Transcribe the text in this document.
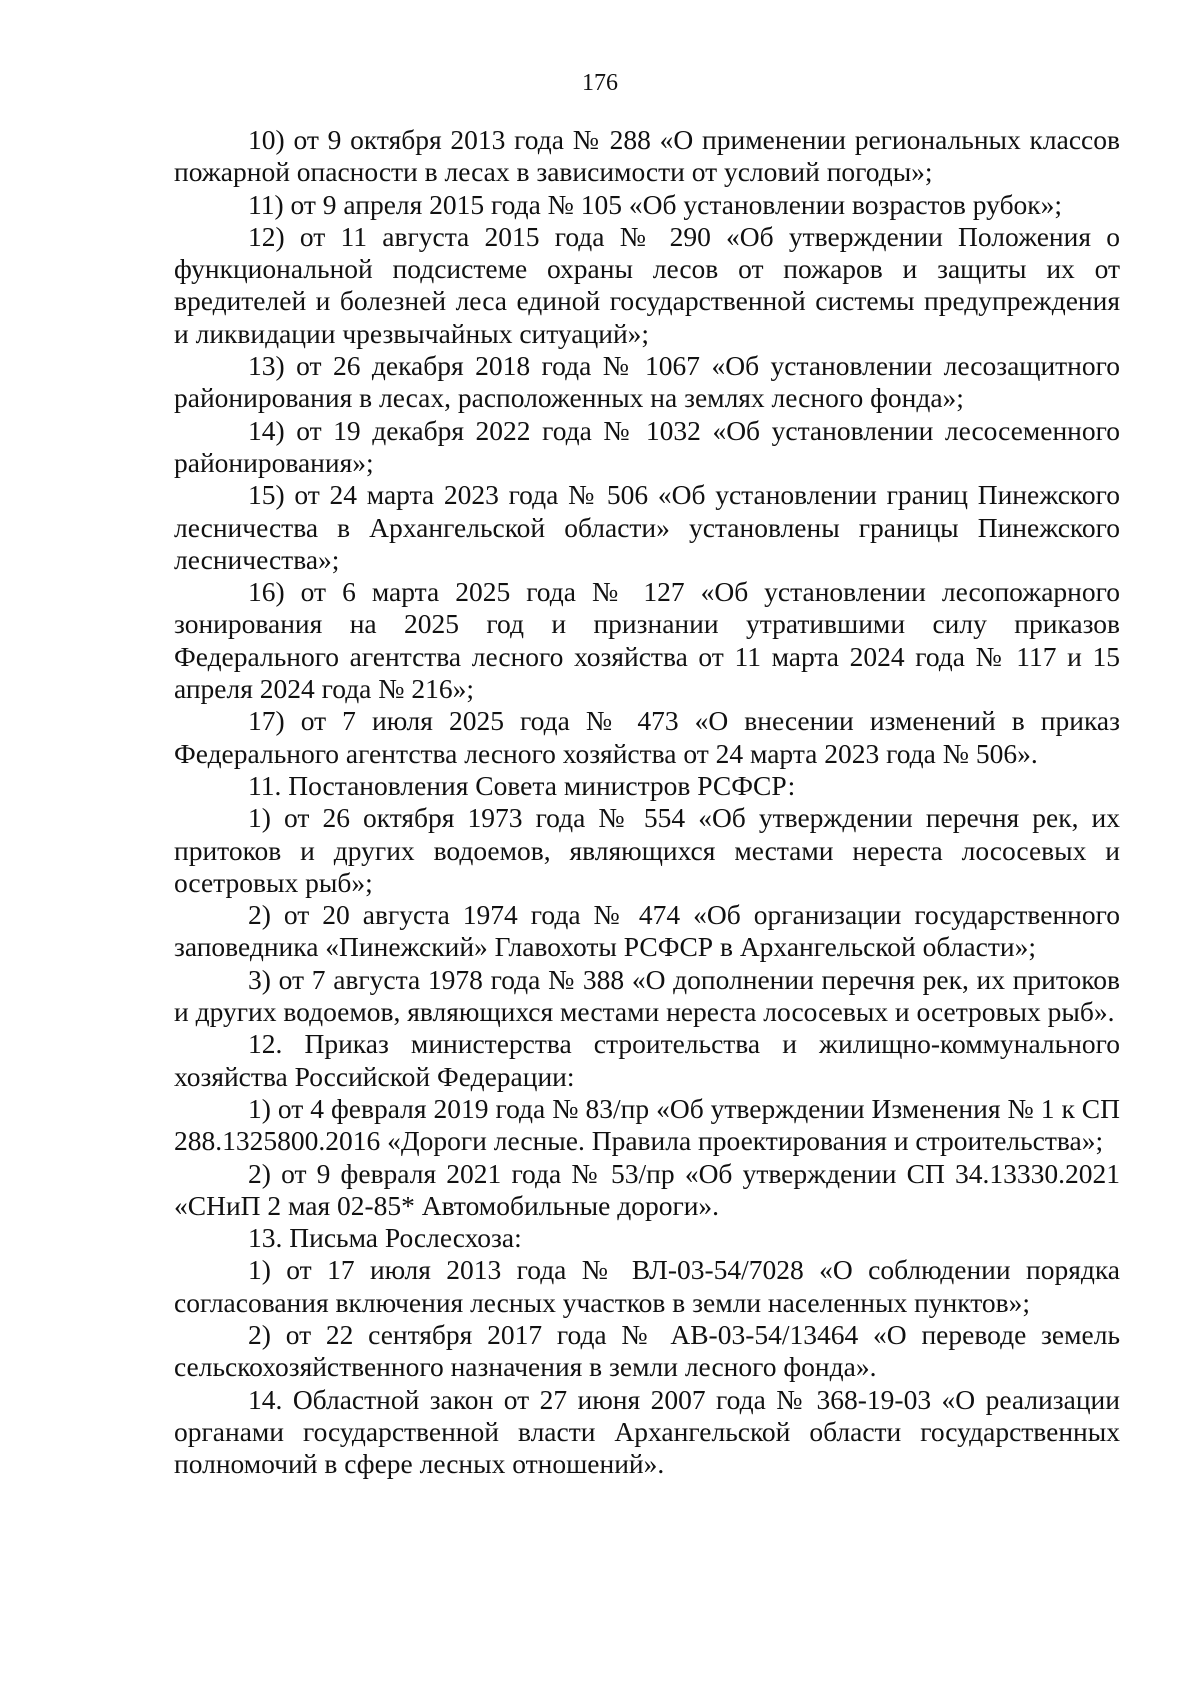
176

10) от 9 октября 2013 года № 288 «О применении региональных классов пожарной опасности в лесах в зависимости от условий погоды»;

11) от 9 апреля 2015 года № 105 «Об установлении возрастов рубок»;

12) от 11 августа 2015 года № 290 «Об утверждении Положения о функциональной подсистеме охраны лесов от пожаров и защиты их от вредителей и болезней леса единой государственной системы предупреждения и ликвидации чрезвычайных ситуаций»;

13) от 26 декабря 2018 года № 1067 «Об установлении лесозащитного районирования в лесах, расположенных на землях лесного фонда»;

14) от 19 декабря 2022 года № 1032 «Об установлении лесосеменного районирования»;

15) от 24 марта 2023 года № 506 «Об установлении границ Пинежского лесничества в Архангельской области» установлены границы Пинежского лесничества»;

16) от 6 марта 2025 года № 127 «Об установлении лесопожарного зонирования на 2025 год и признании утратившими силу приказов Федерального агентства лесного хозяйства от 11 марта 2024 года № 117 и 15 апреля 2024 года № 216»;

17) от 7 июля 2025 года № 473 «О внесении изменений в приказ Федерального агентства лесного хозяйства от 24 марта 2023 года № 506».

11. Постановления Совета министров РСФСР:

1) от 26 октября 1973 года № 554 «Об утверждении перечня рек, их притоков и других водоемов, являющихся местами нереста лососевых и осетровых рыб»;

2) от 20 августа 1974 года № 474 «Об организации государственного заповедника «Пинежский» Главохоты РСФСР в Архангельской области»;

3) от 7 августа 1978 года № 388 «О дополнении перечня рек, их притоков и других водоемов, являющихся местами нереста лососевых и осетровых рыб».

12. Приказ министерства строительства и жилищно-коммунального хозяйства Российской Федерации:

1) от 4 февраля 2019 года № 83/пр «Об утверждении Изменения № 1 к СП 288.1325800.2016 «Дороги лесные. Правила проектирования и строительства»;

2) от 9 февраля 2021 года № 53/пр «Об утверждении СП 34.13330.2021 «СНиП 2 мая 02-85* Автомобильные дороги».

13. Письма Рослесхоза:

1) от 17 июля 2013 года № ВЛ-03-54/7028 «О соблюдении порядка согласования включения лесных участков в земли населенных пунктов»;

2) от 22 сентября 2017 года № АВ-03-54/13464 «О переводе земель сельскохозяйственного назначения в земли лесного фонда».

14. Областной закон от 27 июня 2007 года № 368-19-03 «О реализации органами государственной власти Архангельской области государственных полномочий в сфере лесных отношений».
